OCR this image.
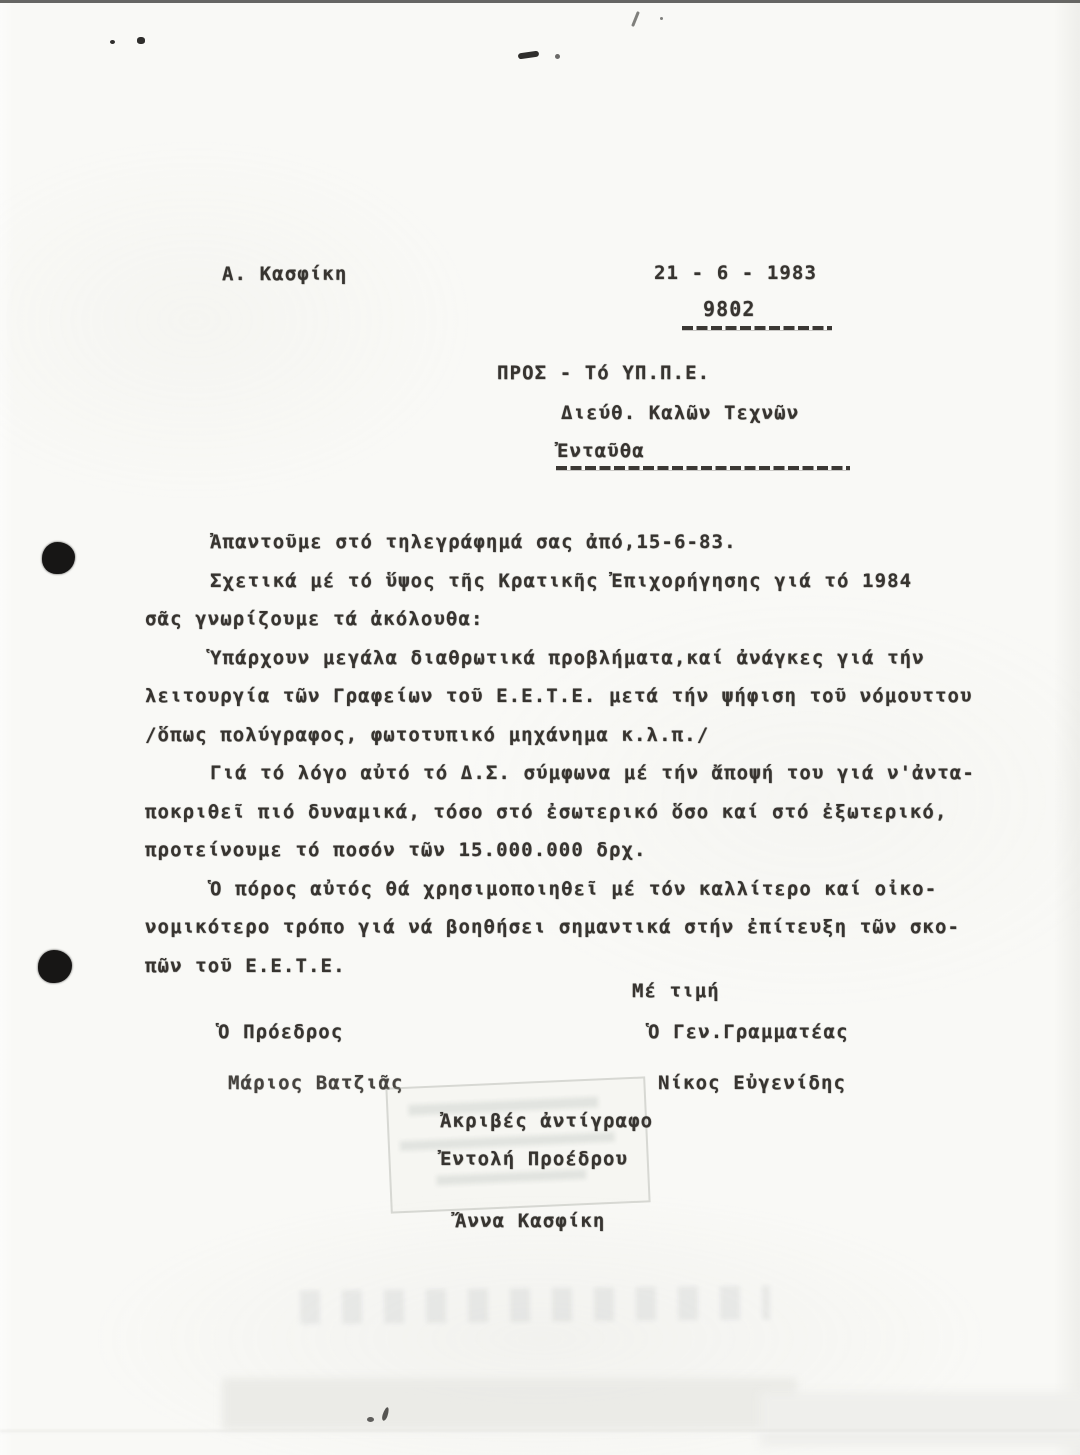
Α. Κασφίκη	21 - 6 - 1983
9802
ΠΡΟΣ - Τό ΥΠ.Π.Ε.
Διεύθ. Καλῶν Τεχνῶν
Ἐνταῦθα
Ἀπαντοῦμε στό τηλεγράφημά σας ἀπό,15-6-83.
Σχετικά μέ τό ὕψος τῆς Κρατικῆς Ἐπιχορήγησης γιά τό 1984
σᾶς γνωρίζουμε τά ἀκόλουθα:
Ὑπάρχουν μεγάλα διαθρωτικά προβλήματα,καί ἀνάγκες γιά τήν
λειτουργία τῶν Γραφείων τοῦ Ε.Ε.Τ.Ε. μετά τήν ψήφιση τοῦ νόμουττου
/ὅπως πολύγραφος, φωτοτυπικό μηχάνημα κ.λ.π./
Γιά τό λόγο αὐτό τό Δ.Σ. σύμφωνα μέ τήν ἄποψή του γιά ν'ἀντα-
ποκριθεῖ πιό δυναμικά, τόσο στό ἐσωτερικό ὅσο καί στό ἐξωτερικό,
προτείνουμε τό ποσόν τῶν 15.000.000 δρχ.
Ὁ πόρος αὐτός θά χρησιμοποιηθεῖ μέ τόν καλλίτερο καί οἰκο-
νομικότερο τρόπο γιά νά βοηθήσει σημαντικά στήν ἐπίτευξη τῶν σκο-
πῶν τοῦ Ε.Ε.Τ.Ε.
Μέ τιμή
Ὁ Πρόεδρος	Ὁ Γεν.Γραμματέας
Μάριος Βατζιᾶς	Νίκος Εὐγενίδης
Ἀκριβές ἀντίγραφο
Ἐντολή Προέδρου
Ἄννα Κασφίκη
